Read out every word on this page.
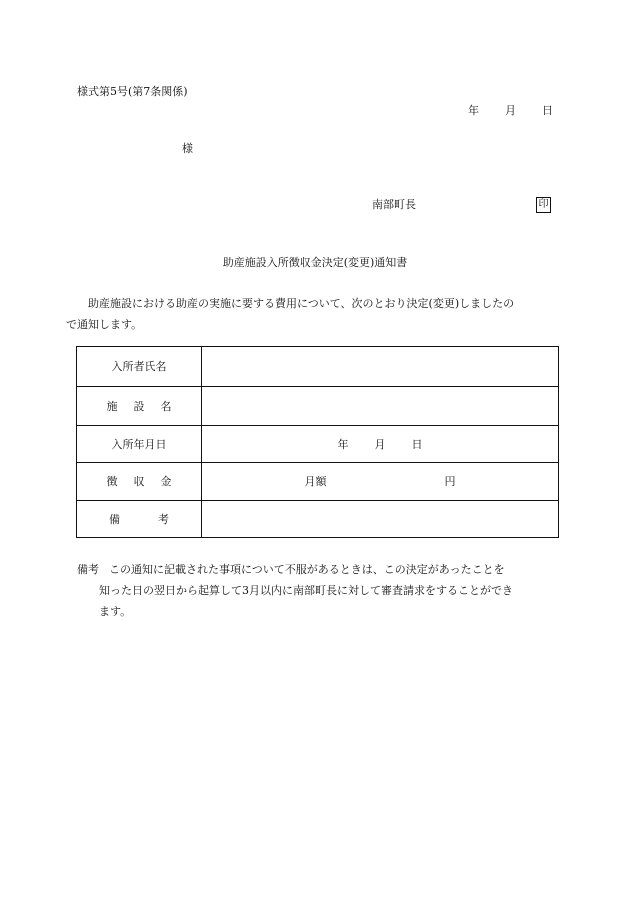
様式第5号(第7条関係)
年 月 日
様
南部町長	印
助産施設入所徴収金決定(変更)通知書
助産施設における助産の実施に要する費用について、次のとおり決定(変更)しましたの
で通知します。
入所者氏名	
施 設 名	
入所年月日	年 月 日
徴 収 金	月額 円
備 考	
備考 この通知に記載された事項について不服があるときは、この決定があったことを
知った日の翌日から起算して3月以内に南部町長に対して審査請求をすることができ
ます。
